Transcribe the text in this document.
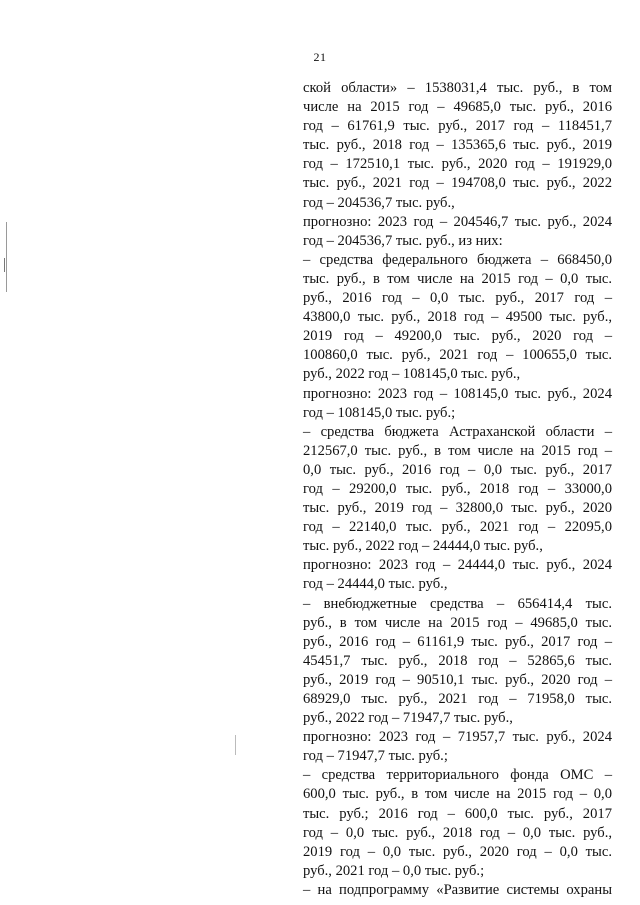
21
ской области» – 1538031,4 тыс. руб., в том
числе на 2015 год – 49685,0 тыс. руб., 2016
год – 61761,9 тыс. руб., 2017 год – 118451,7
тыс. руб., 2018 год – 135365,6 тыс. руб., 2019
год – 172510,1 тыс. руб., 2020 год – 191929,0
тыс. руб., 2021 год – 194708,0 тыс. руб., 2022
год – 204536,7 тыс. руб.,
прогнозно: 2023 год – 204546,7 тыс. руб., 2024
год – 204536,7 тыс. руб., из них:
– средства федерального бюджета – 668450,0
тыс. руб., в том числе на 2015 год – 0,0 тыс.
руб., 2016 год – 0,0 тыс. руб., 2017 год –
43800,0 тыс. руб., 2018 год – 49500 тыс. руб.,
2019 год – 49200,0 тыс. руб., 2020 год –
100860,0 тыс. руб., 2021 год – 100655,0 тыс.
руб., 2022 год – 108145,0 тыс. руб.,
прогнозно: 2023 год – 108145,0 тыс. руб., 2024
год – 108145,0 тыс. руб.;
– средства бюджета Астраханской области –
212567,0 тыс. руб., в том числе на 2015 год –
0,0 тыс. руб., 2016 год – 0,0 тыс. руб., 2017
год – 29200,0 тыс. руб., 2018 год – 33000,0
тыс. руб., 2019 год – 32800,0 тыс. руб., 2020
год – 22140,0 тыс. руб., 2021 год – 22095,0
тыс. руб., 2022 год – 24444,0 тыс. руб.,
прогнозно: 2023 год – 24444,0 тыс. руб., 2024
год – 24444,0 тыс. руб.,
– внебюджетные средства – 656414,4 тыс.
руб., в том числе на 2015 год – 49685,0 тыс.
руб., 2016 год – 61161,9 тыс. руб., 2017 год –
45451,7 тыс. руб., 2018 год – 52865,6 тыс.
руб., 2019 год – 90510,1 тыс. руб., 2020 год –
68929,0 тыс. руб., 2021 год – 71958,0 тыс.
руб., 2022 год – 71947,7 тыс. руб.,
прогнозно: 2023 год – 71957,7 тыс. руб., 2024
год – 71947,7 тыс. руб.;
– средства территориального фонда ОМС –
600,0 тыс. руб., в том числе на 2015 год – 0,0
тыс. руб.; 2016 год – 600,0 тыс. руб., 2017
год – 0,0 тыс. руб., 2018 год – 0,0 тыс. руб.,
2019 год – 0,0 тыс. руб., 2020 год – 0,0 тыс.
руб., 2021 год – 0,0 тыс. руб.;
– на подпрограмму «Развитие системы охраны
